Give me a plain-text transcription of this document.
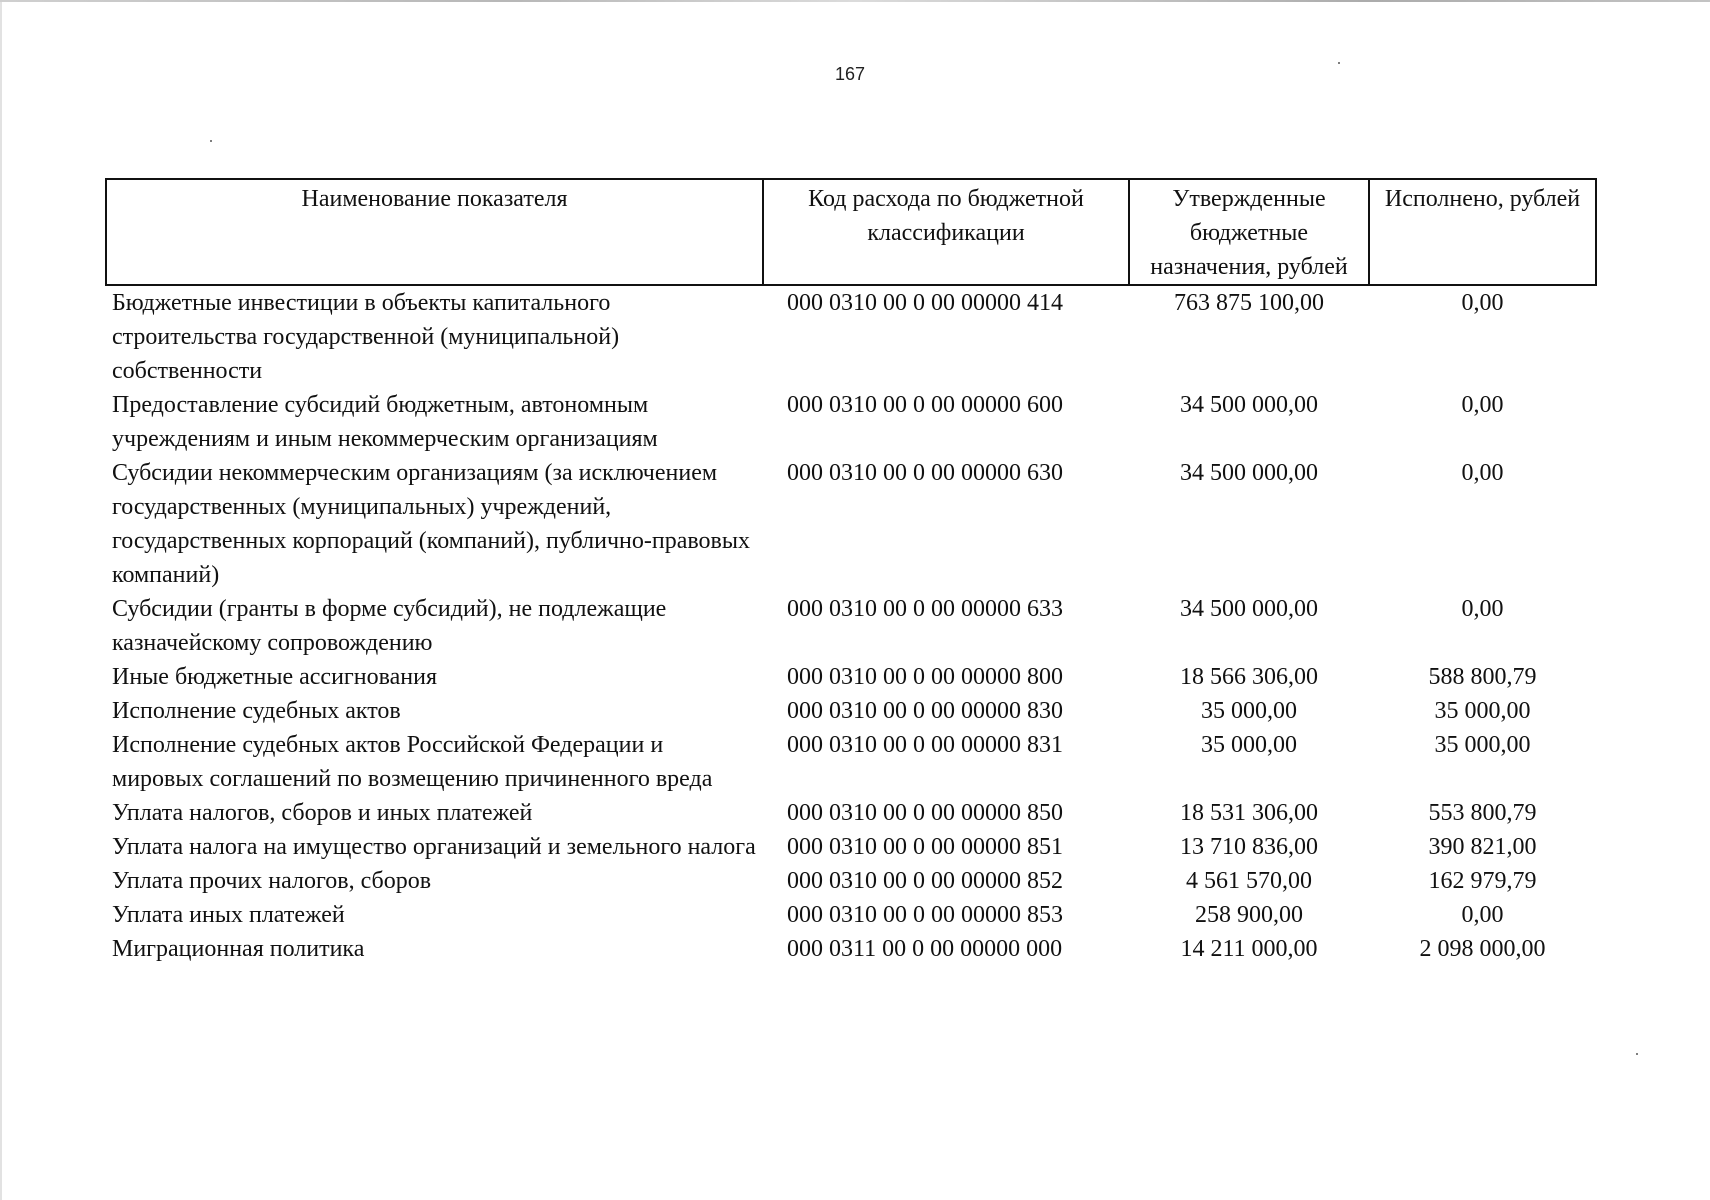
167
Наименование показателя	Код расхода по бюджетной классификации	Утвержденные бюджетные назначения, рублей	Исполнено, рублей
Бюджетные инвестиции в объекты капитального строительства государственной (муниципальной) собственности	000 0310 00 0 00 00000 414	763 875 100,00	0,00
Предоставление субсидий бюджетным, автономным учреждениям и иным некоммерческим организациям	000 0310 00 0 00 00000 600	34 500 000,00	0,00
Субсидии некоммерческим организациям (за исключением государственных (муниципальных) учреждений, государственных корпораций (компаний), публично-правовых компаний)	000 0310 00 0 00 00000 630	34 500 000,00	0,00
Субсидии (гранты в форме субсидий), не подлежащие казначейскому сопровождению	000 0310 00 0 00 00000 633	34 500 000,00	0,00
Иные бюджетные ассигнования	000 0310 00 0 00 00000 800	18 566 306,00	588 800,79
Исполнение судебных актов	000 0310 00 0 00 00000 830	35 000,00	35 000,00
Исполнение судебных актов Российской Федерации и мировых соглашений по возмещению причиненного вреда	000 0310 00 0 00 00000 831	35 000,00	35 000,00
Уплата налогов, сборов и иных платежей	000 0310 00 0 00 00000 850	18 531 306,00	553 800,79
Уплата налога на имущество организаций и земельного налога	000 0310 00 0 00 00000 851	13 710 836,00	390 821,00
Уплата прочих налогов, сборов	000 0310 00 0 00 00000 852	4 561 570,00	162 979,79
Уплата иных платежей	000 0310 00 0 00 00000 853	258 900,00	0,00
Миграционная политика	000 0311 00 0 00 00000 000	14 211 000,00	2 098 000,00
